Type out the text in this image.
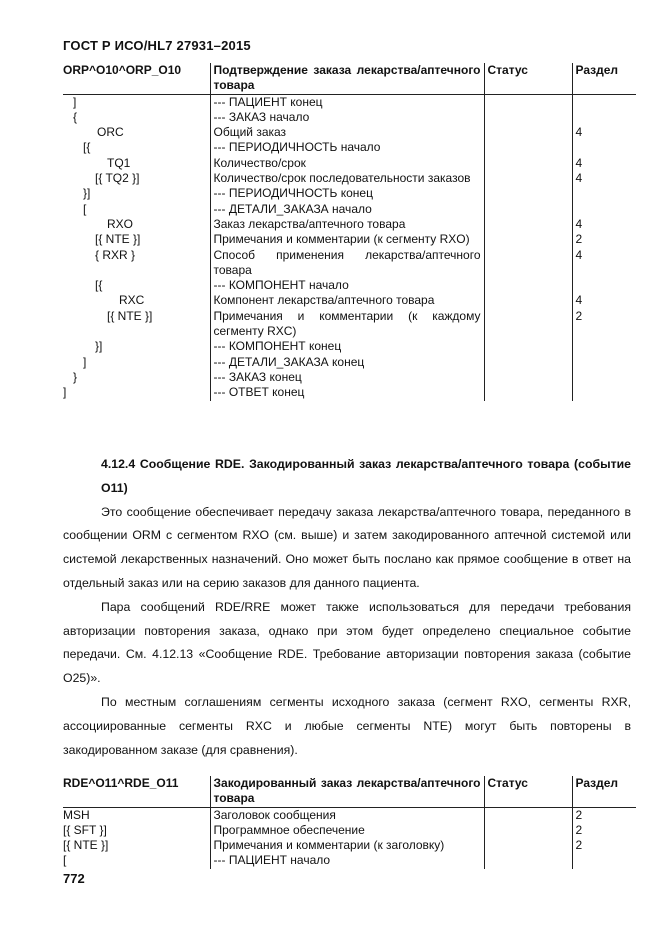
ГОСТ Р ИСО/HL7 27931–2015
ORP^O10^ORP_O10	Подтверждение заказа лекарства/аптечного товара	Статус	Раздел
]	--- ПАЦИЕНТ конец		
{	--- ЗАКАЗ начало		
ORC	Общий заказ		4
[{	--- ПЕРИОДИЧНОСТЬ начало		
TQ1	Количество/срок		4
[{ TQ2 }]	Количество/срок последовательности заказов		4
}]	--- ПЕРИОДИЧНОСТЬ конец		
[	--- ДЕТАЛИ_ЗАКАЗА начало		
RXO	Заказ лекарства/аптечного товара		4
[{ NTE }]	Примечания и комментарии (к сегменту RXO)		2
{ RXR }	Способ применения лекарства/аптечного товара		4
[{	--- КОМПОНЕНТ начало		
RXC	Компонент лекарства/аптечного товара		4
[{ NTE }]	Примечания и комментарии (к каждому сегменту RXC)		2
}]	--- КОМПОНЕНТ конец		
]	--- ДЕТАЛИ_ЗАКАЗА конец		
}	--- ЗАКАЗ конец		
]	--- ОТВЕТ конец		

4.12.4 Сообщение RDE. Закодированный заказ лекарства/аптечного товара (событие O11)

Это сообщение обеспечивает передачу заказа лекарства/аптечного товара, переданного в сообщении ORM с сегментом RXO (см. выше) и затем закодированного аптечной системой или системой лекарственных назначений. Оно может быть послано как прямое сообщение в ответ на отдельный заказ или на серию заказов для данного пациента.

Пара сообщений RDE/RRE может также использоваться для передачи требования авторизации повторения заказа, однако при этом будет определено специальное событие передачи. См. 4.12.13 «Сообщение RDE. Требование авторизации повторения заказа (событие O25)».

По местным соглашениям сегменты исходного заказа (сегмент RXO, сегменты RXR, ассоциированные сегменты RXC и любые сегменты NTE) могут быть повторены в закодированном заказе (для сравнения).

RDE^O11^RDE_O11	Закодированный заказ лекарства/аптечного товара	Статус	Раздел
MSH	Заголовок сообщения		2
[{ SFT }]	Программное обеспечение		2
[{ NTE }]	Примечания и комментарии (к заголовку)		2
[	--- ПАЦИЕНТ начало		
772
